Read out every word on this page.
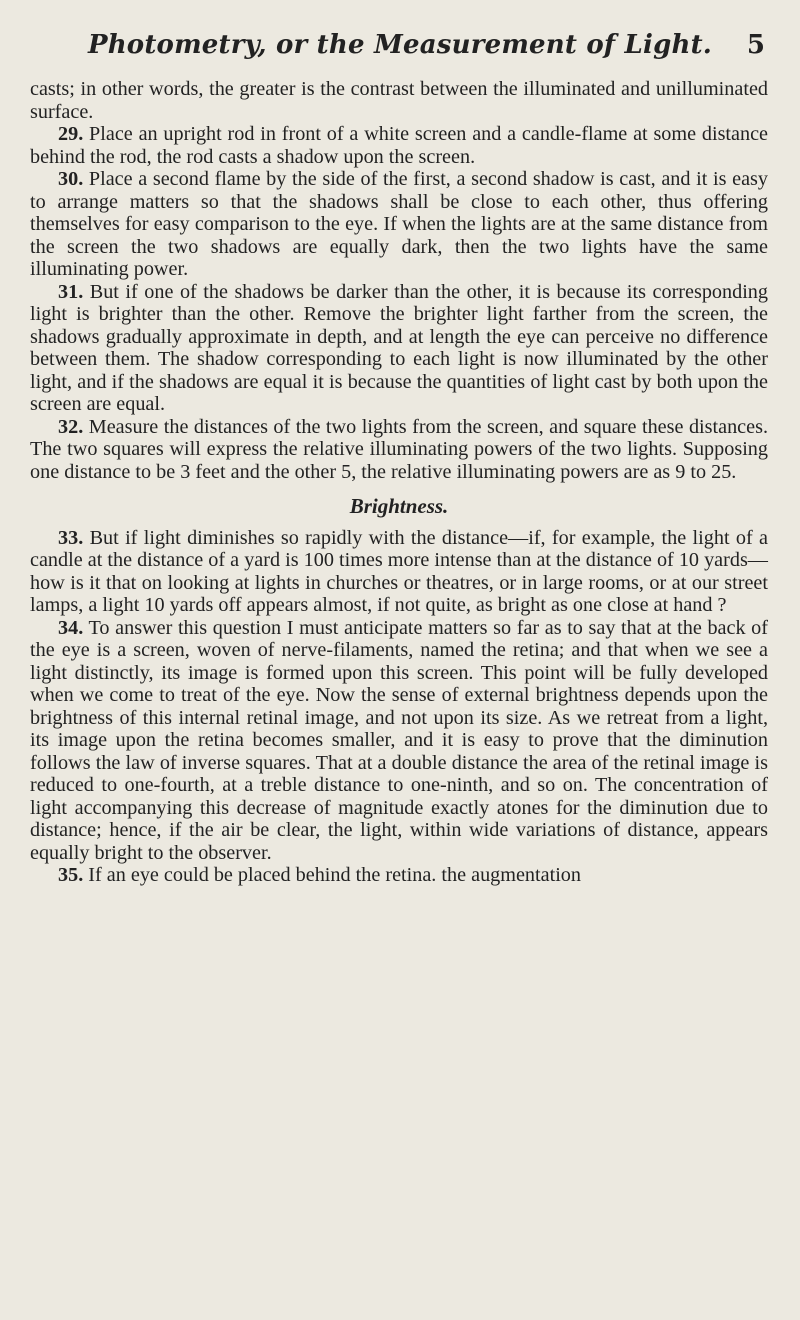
Photometry, or the Measurement of Light.	5

casts; in other words, the greater is the contrast between the illuminated and unilluminated surface.

29. Place an upright rod in front of a white screen and a candle-flame at some distance behind the rod, the rod casts a shadow upon the screen.

30. Place a second flame by the side of the first, a second shadow is cast, and it is easy to arrange matters so that the shadows shall be close to each other, thus offering themselves for easy comparison to the eye. If when the lights are at the same distance from the screen the two shadows are equally dark, then the two lights have the same illuminating power.

31. But if one of the shadows be darker than the other, it is because its corresponding light is brighter than the other. Remove the brighter light farther from the screen, the shadows gradually approximate in depth, and at length the eye can perceive no difference between them. The shadow corresponding to each light is now illuminated by the other light, and if the shadows are equal it is because the quantities of light cast by both upon the screen are equal.

32. Measure the distances of the two lights from the screen, and square these distances. The two squares will express the relative illuminating powers of the two lights. Supposing one distance to be 3 feet and the other 5, the relative illuminating powers are as 9 to 25.

Brightness.

33. But if light diminishes so rapidly with the distance—if, for example, the light of a candle at the distance of a yard is 100 times more intense than at the distance of 10 yards—how is it that on looking at lights in churches or theatres, or in large rooms, or at our street lamps, a light 10 yards off appears almost, if not quite, as bright as one close at hand ?

34. To answer this question I must anticipate matters so far as to say that at the back of the eye is a screen, woven of nerve-filaments, named the retina; and that when we see a light distinctly, its image is formed upon this screen. This point will be fully developed when we come to treat of the eye. Now the sense of external brightness depends upon the brightness of this internal retinal image, and not upon its size. As we retreat from a light, its image upon the retina becomes smaller, and it is easy to prove that the diminution follows the law of inverse squares. That at a double distance the area of the retinal image is reduced to one-fourth, at a treble distance to one-ninth, and so on. The concentration of light accompanying this decrease of magnitude exactly atones for the diminution due to distance; hence, if the air be clear, the light, within wide variations of distance, appears equally bright to the observer.

35. If an eye could be placed behind the retina. the augmentation
